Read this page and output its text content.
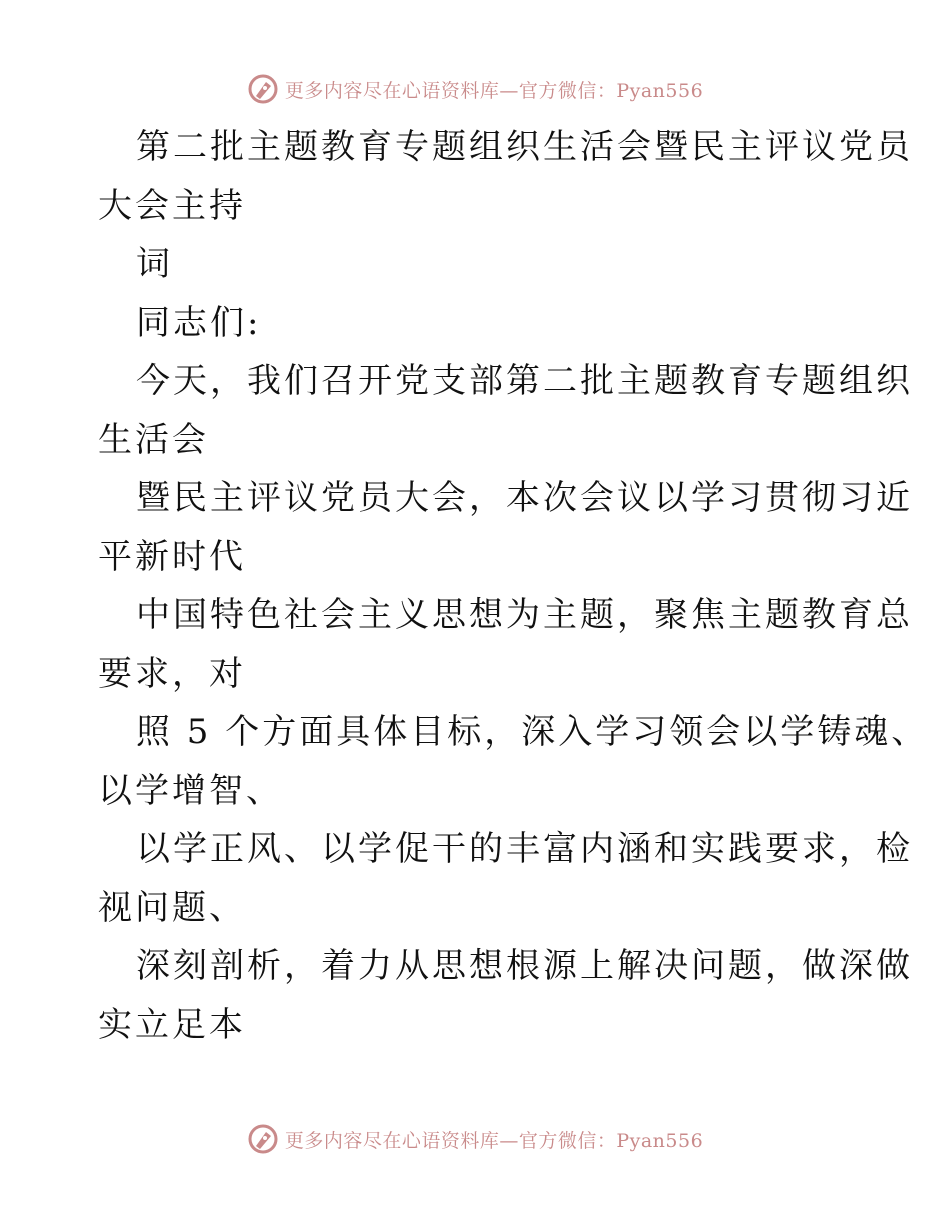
更多内容尽在心语资料库—官方微信：Pyan556
第二批主题教育专题组织生活会暨民主评议党员
大会主持
词
同志们:
今天，我们召开党支部第二批主题教育专题组织
生活会
暨民主评议党员大会，本次会议以学习贯彻习近
平新时代
中国特色社会主义思想为主题，聚焦主题教育总
要求，对
照 5 个方面具体目标，深入学习领会以学铸魂、
以学增智、
以学正风、以学促干的丰富内涵和实践要求，检
视问题、
深刻剖析，着力从思想根源上解决问题，做深做
实立足本
更多内容尽在心语资料库—官方微信：Pyan556
